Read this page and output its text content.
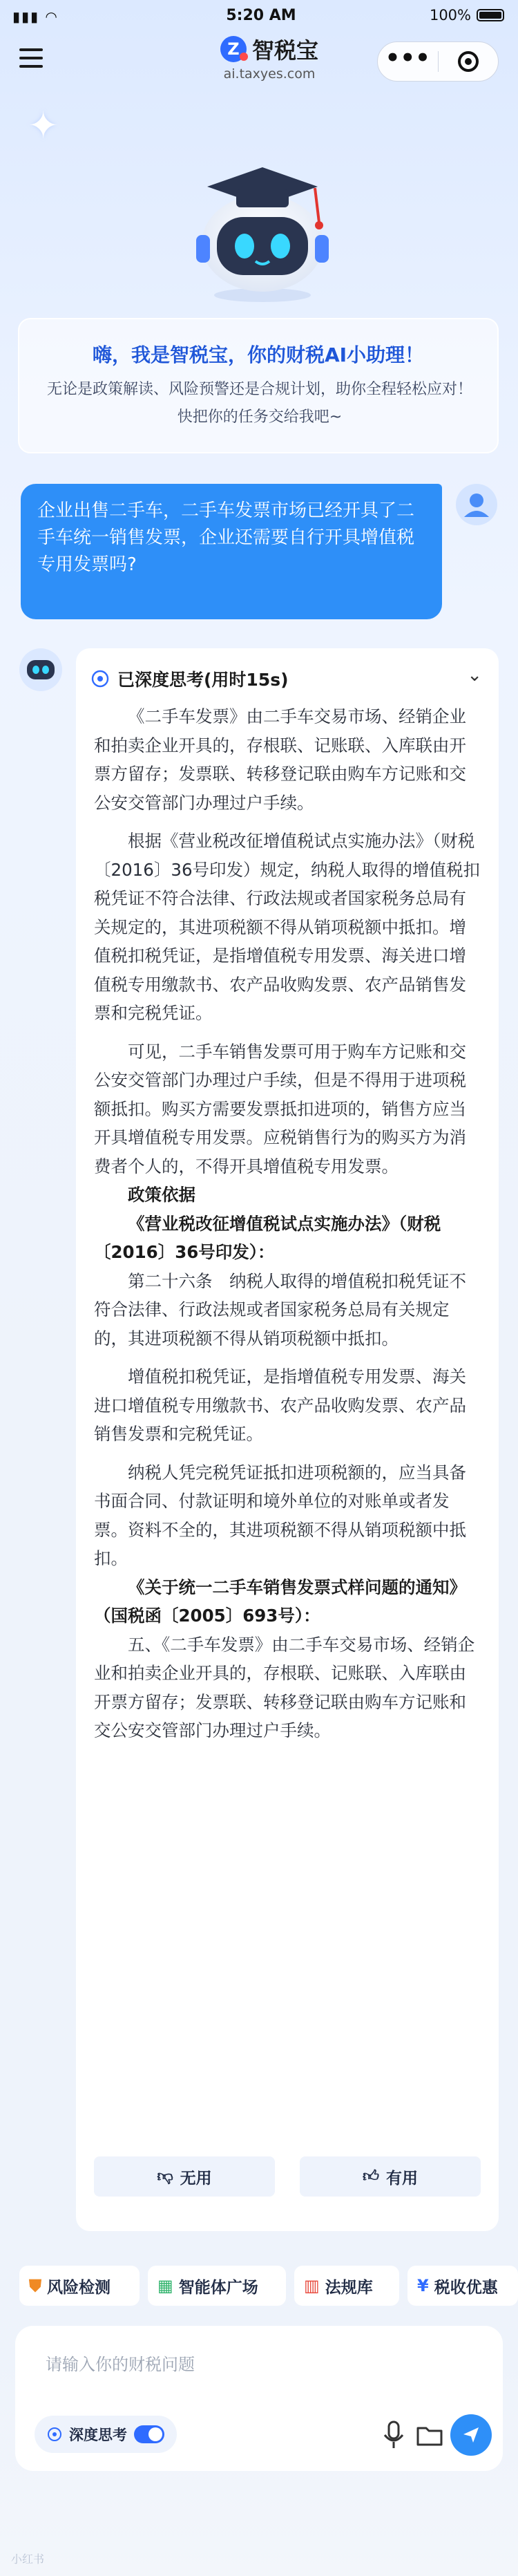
▮▮▮ ◠	5:20 AM	100%
Z 智税宝
ai.taxyes.com
•••
✦
嗨，我是智税宝，你的财税AI小助理！
无论是政策解读、风险预警还是合规计划，助你全程轻松应对！快把你的任务交给我吧~
企业出售二手车，二手车发票市场已经开具了二手车统一销售发票，企业还需要自行开具增值税专用发票吗?
已深度思考(用时15s)	⌄

《二手车发票》由二手车交易市场、经销企业和拍卖企业开具的，存根联、记账联、入库联由开票方留存；发票联、转移登记联由购车方记账和交公安交管部门办理过户手续。

根据《营业税改征增值税试点实施办法》（财税〔2016〕36号印发）规定，纳税人取得的增值税扣税凭证不符合法律、行政法规或者国家税务总局有关规定的，其进项税额不得从销项税额中抵扣。增值税扣税凭证，是指增值税专用发票、海关进口增值税专用缴款书、农产品收购发票、农产品销售发票和完税凭证。

可见，二手车销售发票可用于购车方记账和交公安交管部门办理过户手续，但是不得用于进项税额抵扣。购买方需要发票抵扣进项的，销售方应当开具增值税专用发票。应税销售行为的购买方为消费者个人的，不得开具增值税专用发票。

政策依据

《营业税改征增值税试点实施办法》（财税〔2016〕36号印发）：

第二十六条　纳税人取得的增值税扣税凭证不符合法律、行政法规或者国家税务总局有关规定的，其进项税额不得从销项税额中抵扣。

增值税扣税凭证，是指增值税专用发票、海关进口增值税专用缴款书、农产品收购发票、农产品销售发票和完税凭证。

纳税人凭完税凭证抵扣进项税额的，应当具备书面合同、付款证明和境外单位的对账单或者发票。资料不全的，其进项税额不得从销项税额中抵扣。

《关于统一二手车销售发票式样问题的通知》（国税函〔2005〕693号）：

五、《二手车发票》由二手车交易市场、经销企业和拍卖企业开具的，存根联、记账联、入库联由开票方留存；发票联、转移登记联由购车方记账和交公安交管部门办理过户手续。

👎︎ 无用	👍︎ 有用
⛊ 风险检测	▦ 智能体广场	▥ 法规库	¥ 税收优惠
请输入你的财税问题
深度思考
小红书
